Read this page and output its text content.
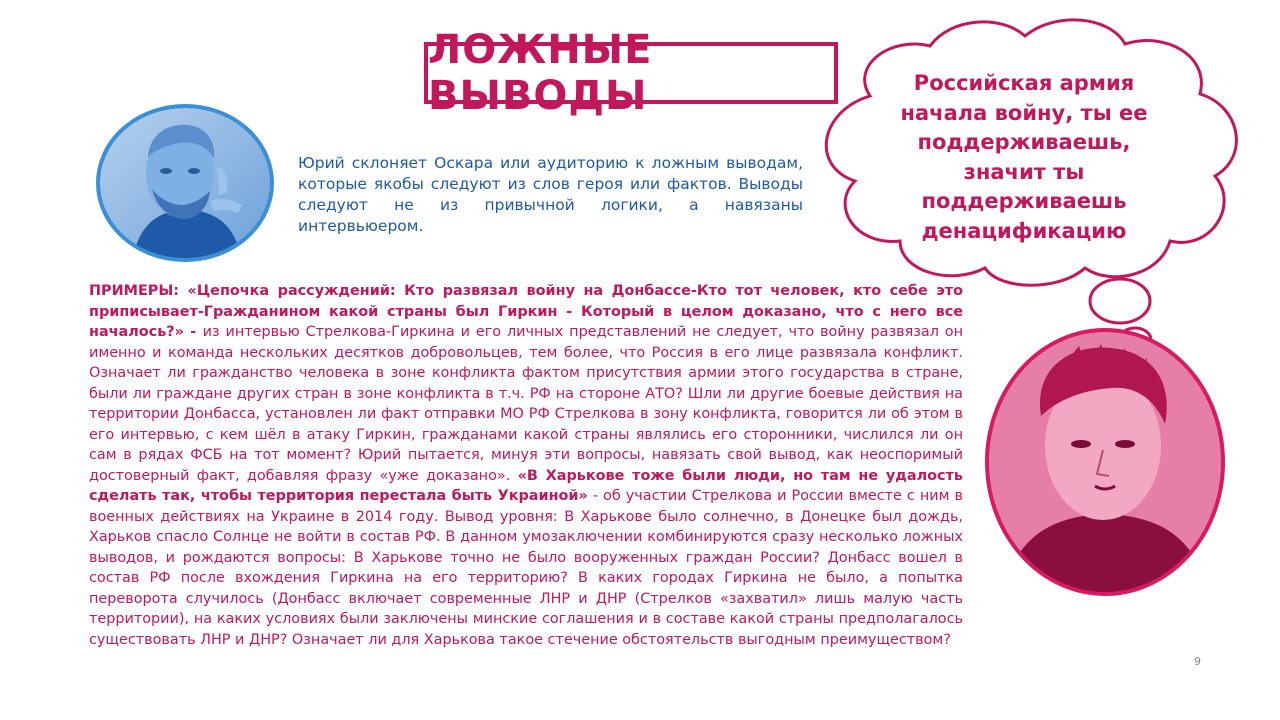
ЛОЖНЫЕ ВЫВОДЫ
Юрий склоняет Оскара или аудиторию к ложным выводам, которые якобы следуют из слов героя или фактов. Выводы следуют не из привычной логики, а навязаны интервьюером.
Российская армия начала войну, ты ее поддерживаешь, значит ты поддерживаешь денацификацию
ПРИМЕРЫ: «Цепочка рассуждений: Кто развязал войну на Донбассе-Кто тот человек, кто себе это приписывает-Гражданином какой страны был Гиркин - Который в целом доказано, что с него все началось?» - из интервью Стрелкова-Гиркина и его личных представлений не следует, что войну развязал он именно и команда нескольких десятков добровольцев, тем более, что Россия в его лице развязала конфликт. Означает ли гражданство человека в зоне конфликта фактом присутствия армии этого государства в стране, были ли граждане других стран в зоне конфликта в т.ч. РФ на стороне АТО? Шли ли другие боевые действия на территории Донбасса, установлен ли факт отправки МО РФ Стрелкова в зону конфликта, говорится ли об этом в его интервью, с кем шёл в атаку Гиркин, гражданами какой страны являлись его сторонники, числился ли он сам в рядах ФСБ на тот момент? Юрий пытается, минуя эти вопросы, навязать свой вывод, как неоспоримый достоверный факт, добавляя фразу «уже доказано». «В Харькове тоже были люди, но там не удалость сделать так, чтобы территория перестала быть Украиной» - об участии Стрелкова и России вместе с ним в военных действиях на Украине в 2014 году. Вывод уровня: В Харькове было солнечно, в Донецке был дождь, Харьков спасло Солнце не войти в состав РФ. В данном умозаключении комбинируются сразу несколько ложных выводов, и рождаются вопросы: В Харькове точно не было вооруженных граждан России? Донбасс вошел в состав РФ после вхождения Гиркина на его территорию? В каких городах Гиркина не было, а попытка переворота случилось (Донбасс включает современные ЛНР и ДНР (Стрелков «захватил» лишь малую часть территории), на каких условиях были заключены минские соглашения и в составе какой страны предполагалось существовать ЛНР и ДНР? Означает ли для Харькова такое стечение обстоятельств выгодным преимуществом?
9
